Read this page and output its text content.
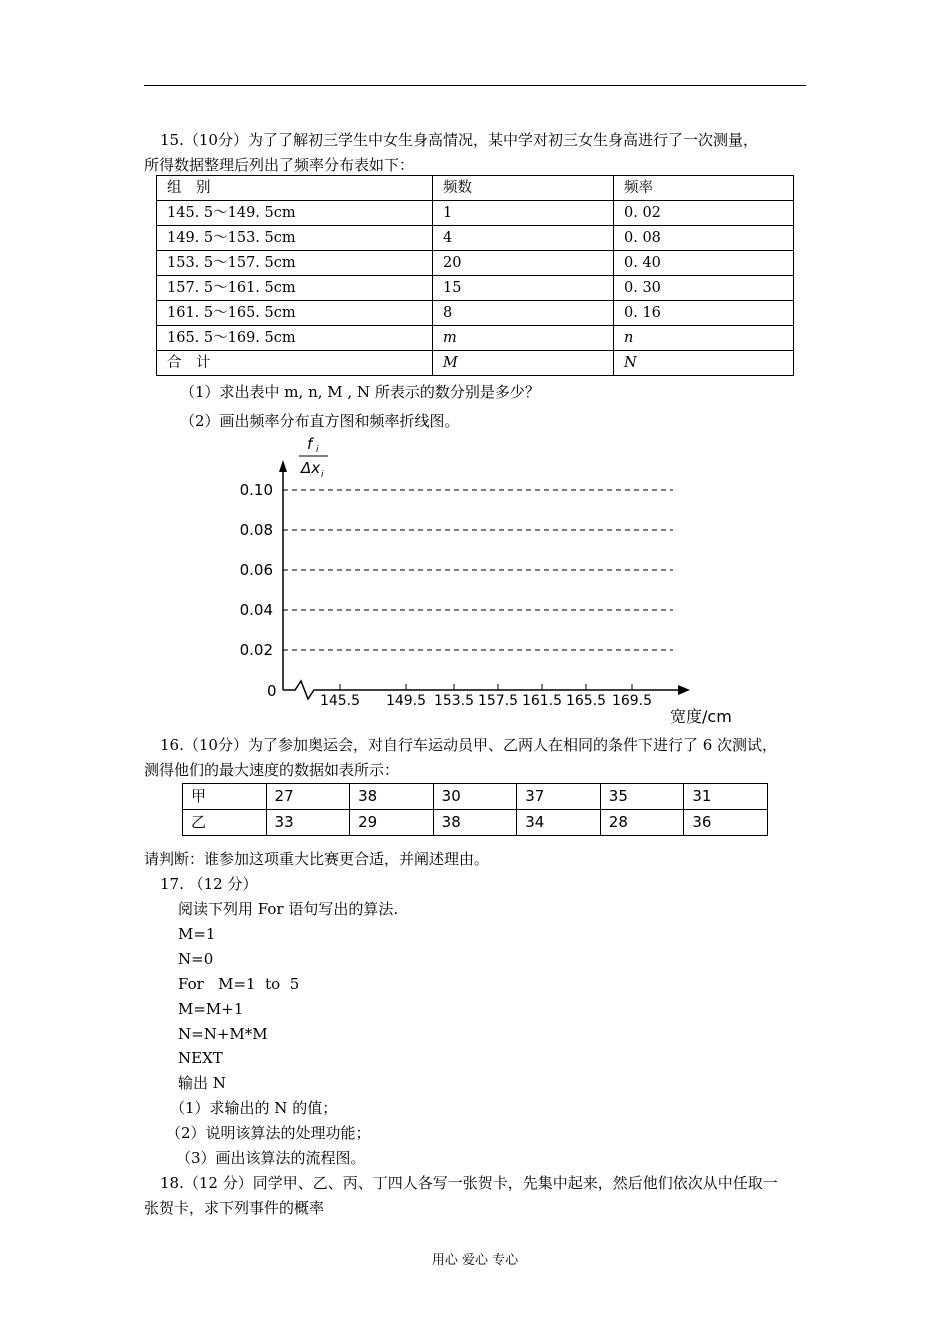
15.（10分）为了了解初三学生中女生身高情况，某中学对初三女生身高进行了一次测量，
所得数据整理后列出了频率分布表如下：
组　别	频数	频率
145. 5～149. 5cm	1	0. 02
149. 5～153. 5cm	4	0. 08
153. 5～157. 5cm	20	0. 40
157. 5～161. 5cm	15	0. 30
161. 5～165. 5cm	8	0. 16
165. 5～169. 5cm	m	n
合　计	M	N
（1）求出表中 m, n, M , N 所表示的数分别是多少？
（2）画出频率分布直方图和频率折线图。
f i
Δx i
0
0.02
0.04
0.06
0.08
0.10
145.5 149.5 153.5 157.5 161.5 165.5 169.5
宽度/cm
16.（10分）为了参加奥运会，对自行车运动员甲、乙两人在相同的条件下进行了 6 次测试，
测得他们的最大速度的数据如表所示：
甲	27	38	30	37	35	31
乙	33	29	38	34	28	36
请判断：谁参加这项重大比赛更合适，并阐述理由。
17. （12 分）
阅读下列用 For 语句写出的算法.
M=1
N=0
For   M=1  to  5
M=M+1
N=N+M*M
NEXT
输出 N
（1）求输出的 N 的值；
（2）说明该算法的处理功能；
（3）画出该算法的流程图。
18.（12 分）同学甲、乙、丙、丁四人各写一张贺卡，先集中起来，然后他们依次从中任取一
张贺卡，求下列事件的概率
用心 爱心 专心
